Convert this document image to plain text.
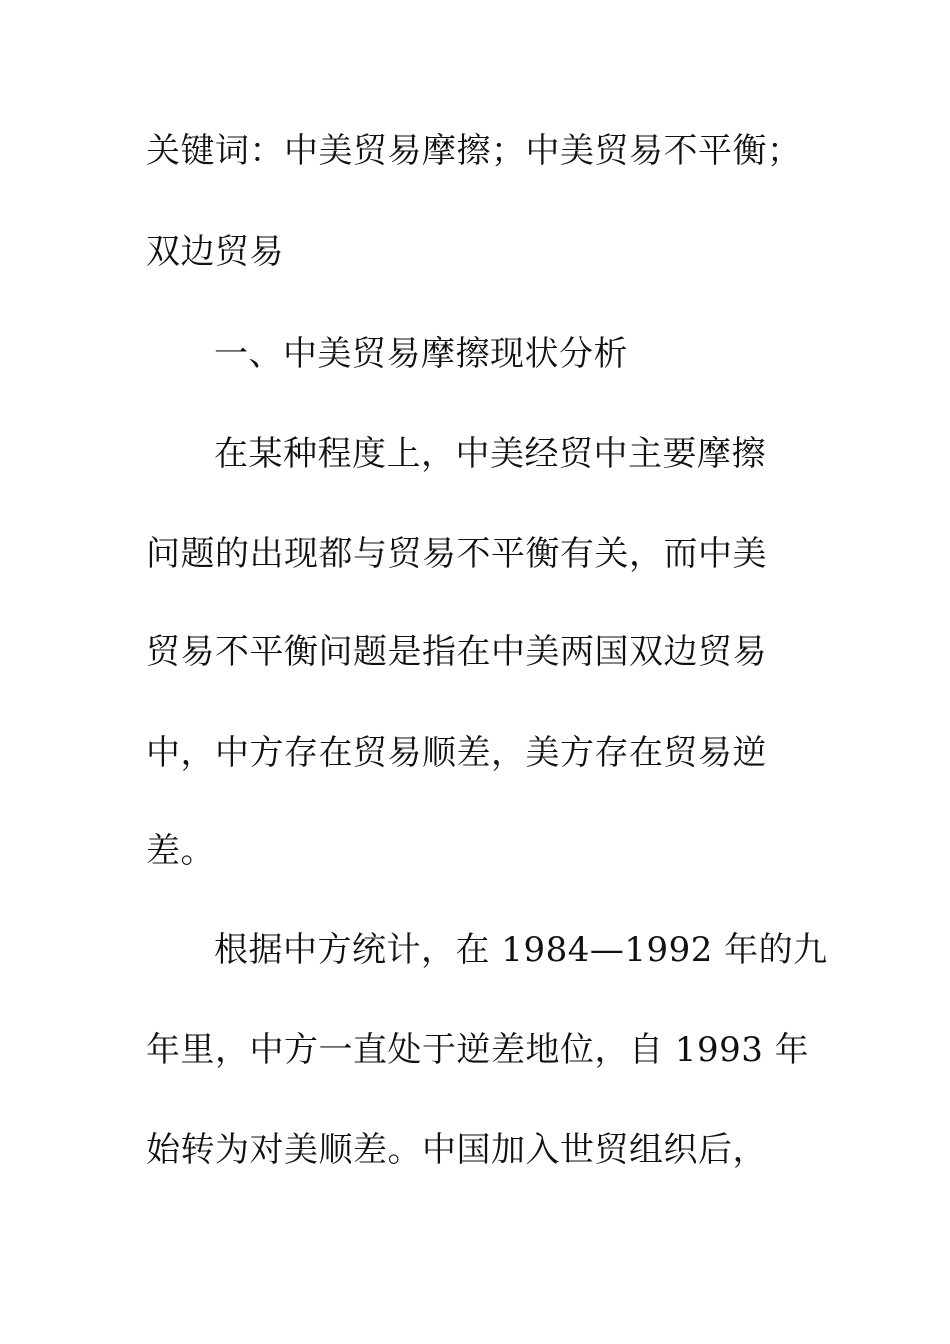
关键词：中美贸易摩擦；中美贸易不平衡；
双边贸易
一、中美贸易摩擦现状分析
在某种程度上，中美经贸中主要摩擦
问题的出现都与贸易不平衡有关，而中美
贸易不平衡问题是指在中美两国双边贸易
中，中方存在贸易顺差，美方存在贸易逆
差。
根据中方统计，在 1984—1992 年的九
年里，中方一直处于逆差地位，自 1993 年
始转为对美顺差。中国加入世贸组织后，
